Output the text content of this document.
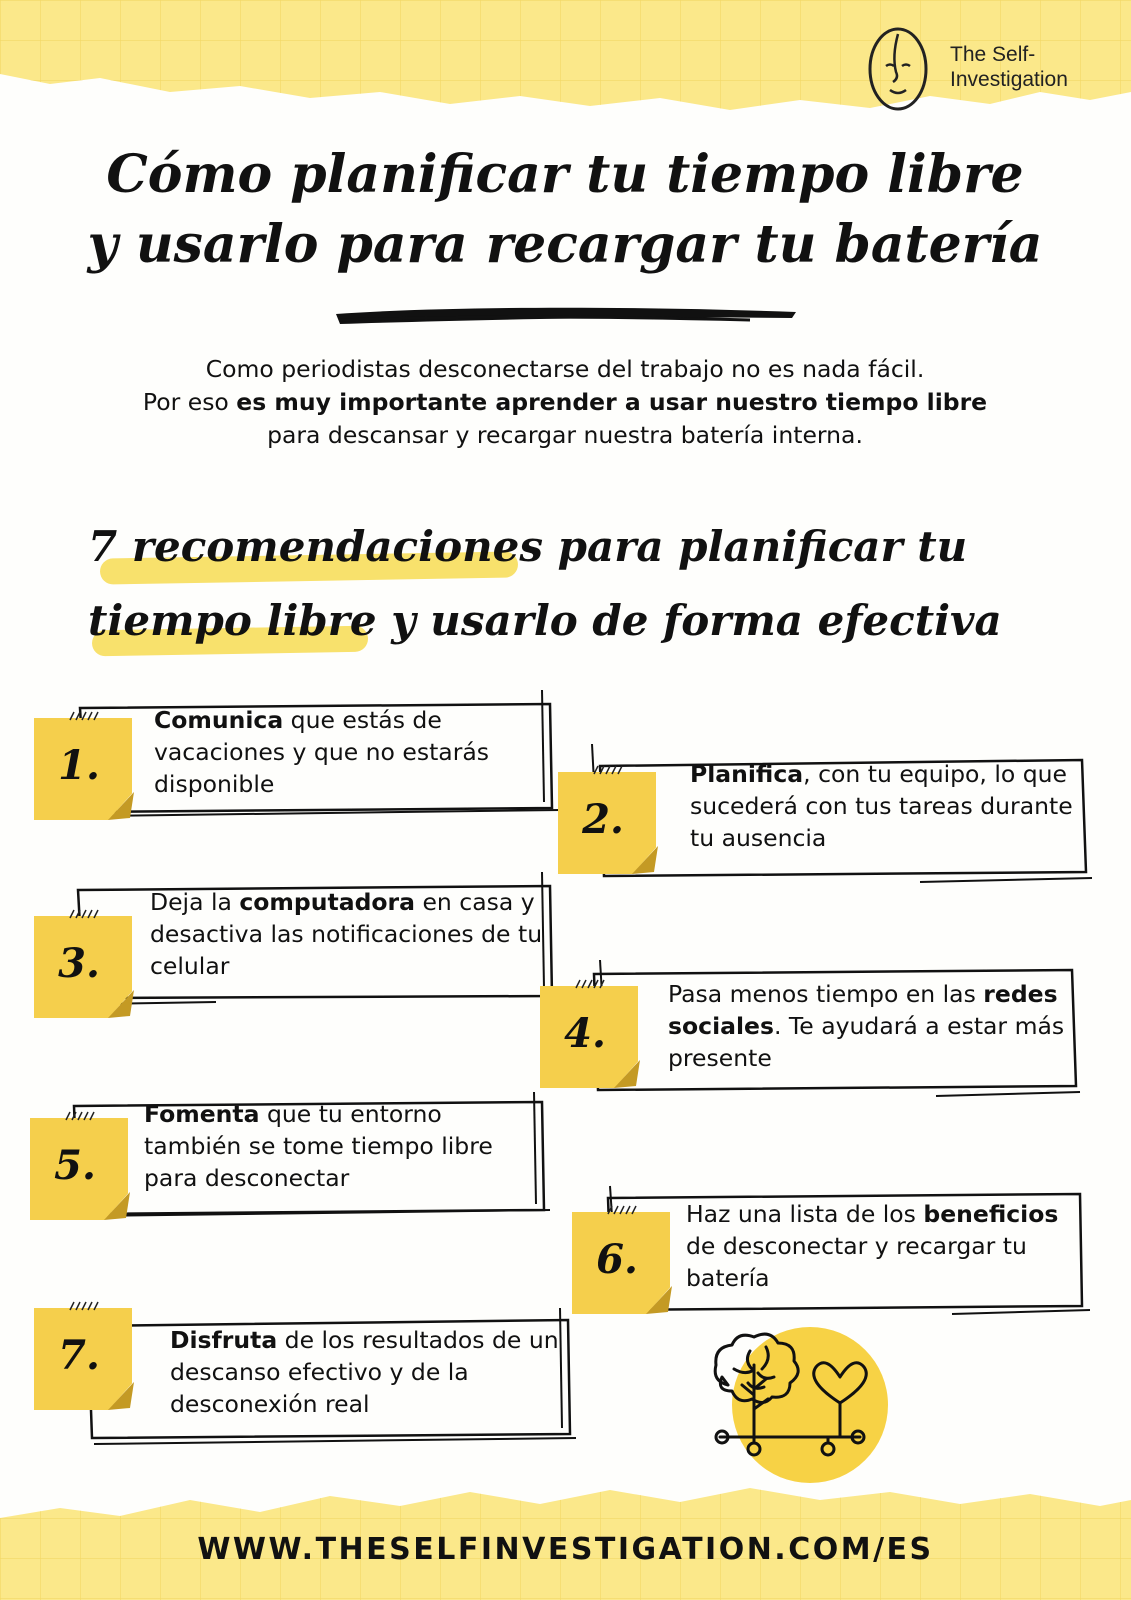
The Self-
Investigation
Cómo planificar tu tiempo libre
y usarlo para recargar tu batería
Como periodistas desconectarse del trabajo no es nada fácil.
Por eso es muy importante aprender a usar nuestro tiempo libre
para descansar y recargar nuestra batería interna.
7 recomendaciones para planificar tu
tiempo libre y usarlo de forma efectiva
Comunica que estás de vacaciones y que no estarás disponible
1.	Planifica, con tu equipo, lo que sucederá con tus tareas durante tu ausencia
2.
Deja la computadora en casa y desactiva las notificaciones de tu celular
3.
Pasa menos tiempo en las redes sociales. Te ayudará a estar más presente
4.
Fomenta que tu entorno también se tome tiempo libre para desconectar
5.
Haz una lista de los beneficios de desconectar y recargar tu batería
6.
Disfruta de los resultados de un descanso efectivo y de la desconexión real
7.
WWW.THESELFINVESTIGATION.COM/ES
